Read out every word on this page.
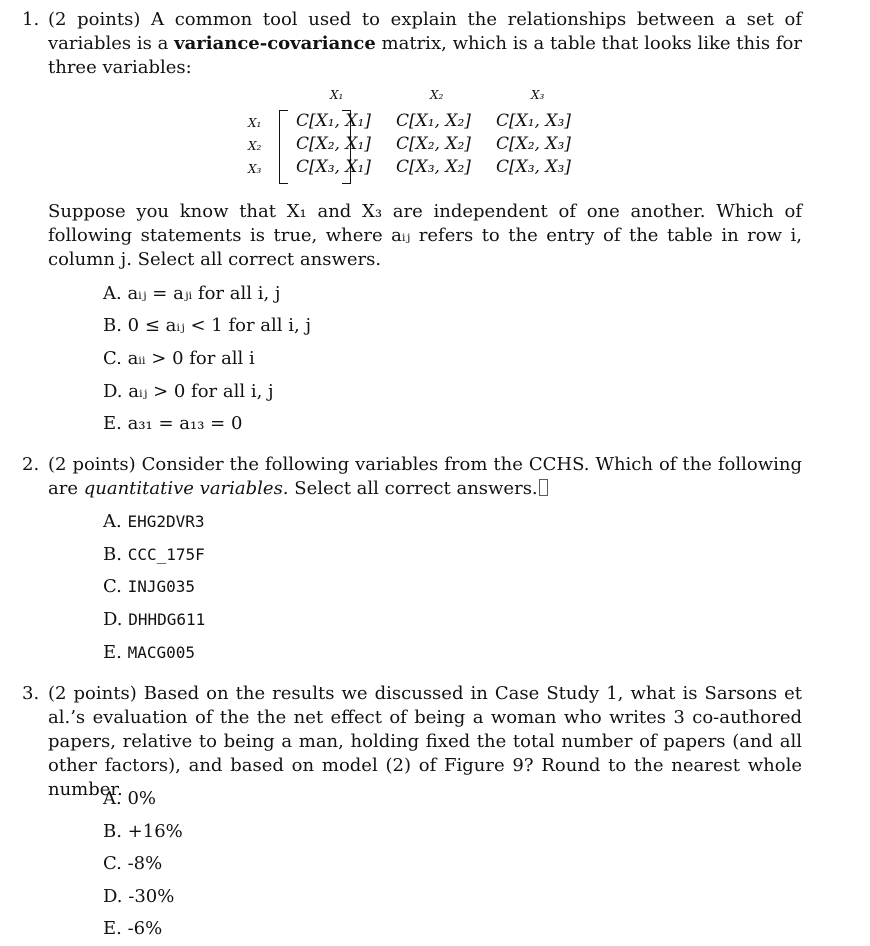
1. (2 points) A common tool used to explain the relationships between a set of variables is a variance-covariance matrix, which is a table that looks like this for three variables:
X₁	X₂	X₃
X₁
X₂
X₃
C[X₁, X₁] C[X₁, X₂] C[X₁, X₃]
C[X₂, X₁] C[X₂, X₂] C[X₂, X₃]
C[X₃, X₁] C[X₃, X₂] C[X₃, X₃]
Suppose you know that X₁ and X₃ are independent of one another. Which of following statements is true, where aᵢⱼ refers to the entry of the table in row i, column j. Select all correct answers.
A. aᵢⱼ = aⱼᵢ for all i, j
B. 0 ≤ aᵢⱼ < 1 for all i, j
C. aᵢᵢ > 0 for all i
D. aᵢⱼ > 0 for all i, j
E. a₃₁ = a₁₃ = 0
2. (2 points) Consider the following variables from the CCHS. Which of the following are quantitative variables. Select all correct answers.
A. EHG2DVR3
B. CCC_175F
C. INJG035
D. DHHDG611
E. MACG005
3. (2 points) Based on the results we discussed in Case Study 1, what is Sarsons et al.’s evaluation of the the net effect of being a woman who writes 3 co-authored papers, relative to being a man, holding fixed the total number of papers (and all other factors), and based on model (2) of Figure 9? Round to the nearest whole number.
A. 0%
B. +16%
C. -8%
D. -30%
E. -6%
